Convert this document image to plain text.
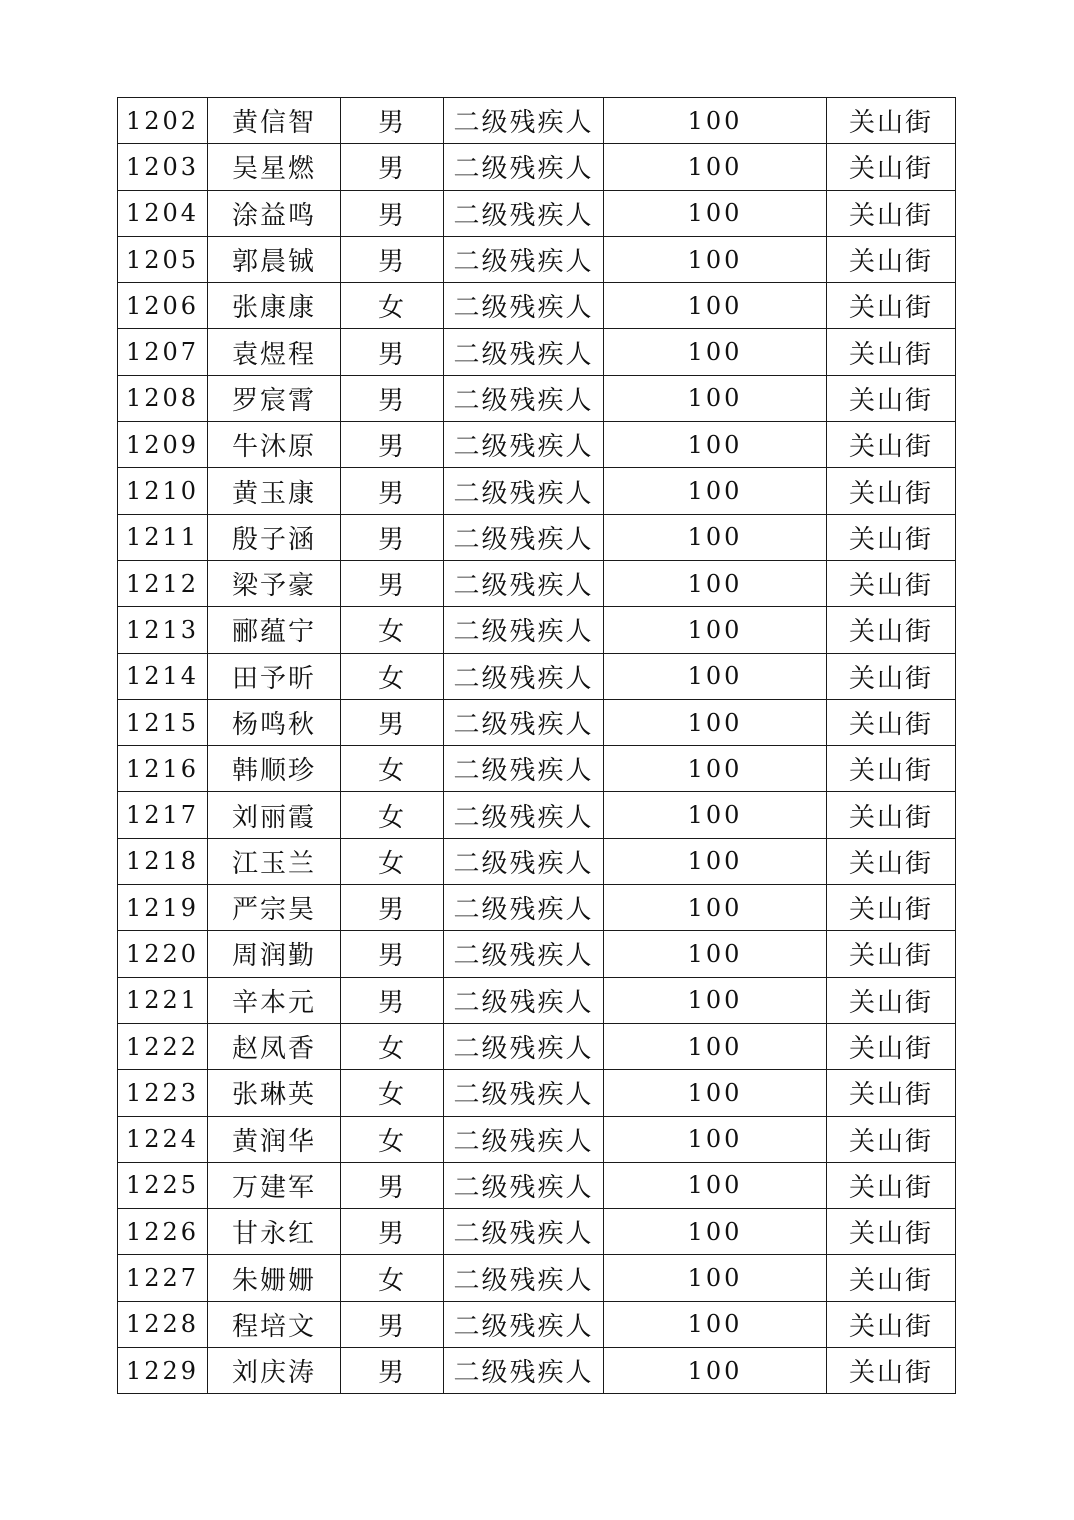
1202	黄信智	男	二级残疾人	100	关山街
1203	吴星燃	男	二级残疾人	100	关山街
1204	涂益鸣	男	二级残疾人	100	关山街
1205	郭晨铖	男	二级残疾人	100	关山街
1206	张康康	女	二级残疾人	100	关山街
1207	袁煜程	男	二级残疾人	100	关山街
1208	罗宸霄	男	二级残疾人	100	关山街
1209	牛沐原	男	二级残疾人	100	关山街
1210	黄玉康	男	二级残疾人	100	关山街
1211	殷子涵	男	二级残疾人	100	关山街
1212	梁予豪	男	二级残疾人	100	关山街
1213	郦蕴宁	女	二级残疾人	100	关山街
1214	田予昕	女	二级残疾人	100	关山街
1215	杨鸣秋	男	二级残疾人	100	关山街
1216	韩顺珍	女	二级残疾人	100	关山街
1217	刘丽霞	女	二级残疾人	100	关山街
1218	江玉兰	女	二级残疾人	100	关山街
1219	严宗昊	男	二级残疾人	100	关山街
1220	周润勤	男	二级残疾人	100	关山街
1221	辛本元	男	二级残疾人	100	关山街
1222	赵凤香	女	二级残疾人	100	关山街
1223	张琳英	女	二级残疾人	100	关山街
1224	黄润华	女	二级残疾人	100	关山街
1225	万建军	男	二级残疾人	100	关山街
1226	甘永红	男	二级残疾人	100	关山街
1227	朱姗姗	女	二级残疾人	100	关山街
1228	程培文	男	二级残疾人	100	关山街
1229	刘庆涛	男	二级残疾人	100	关山街
